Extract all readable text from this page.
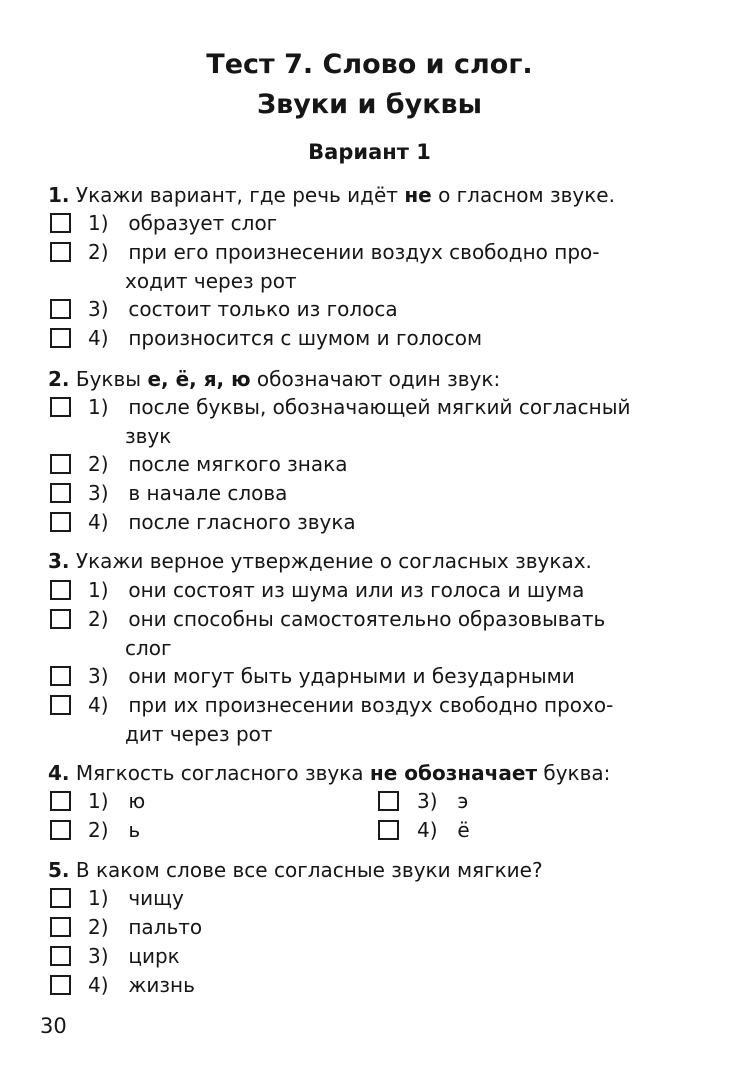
Тест 7. Слово и слог.
Звуки и буквы
Вариант 1
1. Укажи вариант, где речь идёт не о гласном звуке.
1) образует слог
2) при его произнесении воздух свободно про-
ходит через рот
3) состоит только из голоса
4) произносится с шумом и голосом
2. Буквы е, ё, я, ю обозначают один звук:
1) после буквы, обозначающей мягкий согласный
звук
2) после мягкого знака
3) в начале слова
4) после гласного звука
3. Укажи верное утверждение о согласных звуках.
1) они состоят из шума или из голоса и шума
2) они способны самостоятельно образовывать
слог
3) они могут быть ударными и безударными
4) при их произнесении воздух свободно прохо-
дит через рот
4. Мягкость согласного звука не обозначает буква:
1) ю
2) ь
3) э
4) ё
5. В каком слове все согласные звуки мягкие?
1) чищу
2) пальто
3) цирк
4) жизнь
30
